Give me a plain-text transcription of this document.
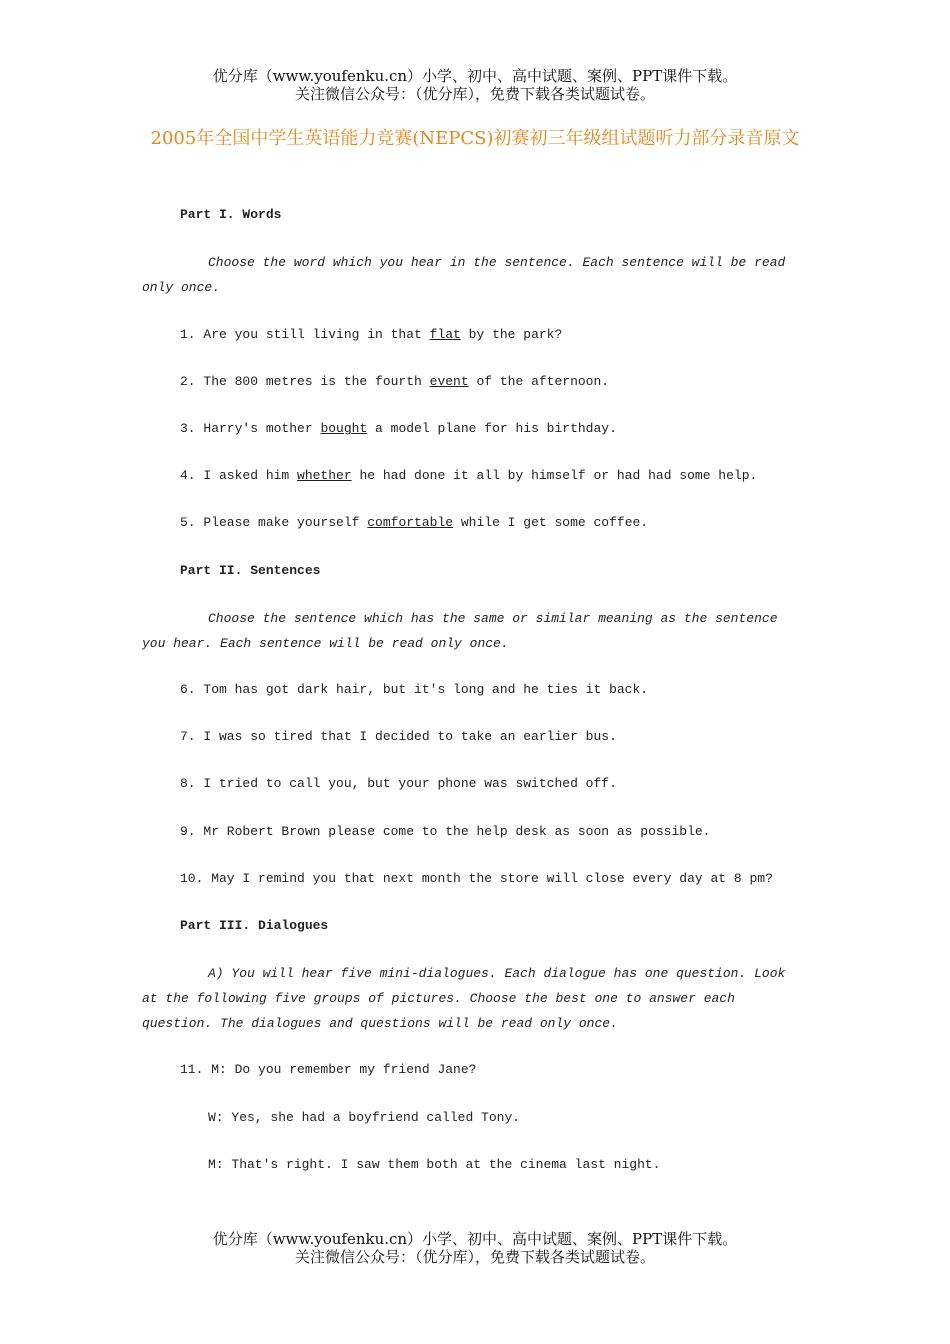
优分库（www.youfenku.cn）小学、初中、高中试题、案例、PPT课件下载。
关注微信公众号：（优分库），免费下载各类试题试卷。
2005年全国中学生英语能力竞赛(NEPCS)初赛初三年级组试题听力部分录音原文
Part I. Words
Choose the word which you hear in the sentence. Each sentence will be read only once.
1. Are you still living in that flat by the park?
2. The 800 metres is the fourth event of the afternoon.
3. Harry's mother bought a model plane for his birthday.
4. I asked him whether he had done it all by himself or had had some help.
5. Please make yourself comfortable while I get some coffee.
Part II. Sentences
Choose the sentence which has the same or similar meaning as the sentence you hear. Each sentence will be read only once.
6. Tom has got dark hair, but it's long and he ties it back.
7. I was so tired that I decided to take an earlier bus.
8. I tried to call you, but your phone was switched off.
9. Mr Robert Brown please come to the help desk as soon as possible.
10. May I remind you that next month the store will close every day at 8 pm?
Part III. Dialogues
A) You will hear five mini-dialogues. Each dialogue has one question. Look at the following five groups of pictures. Choose the best one to answer each question. The dialogues and questions will be read only once.
11. M: Do you remember my friend Jane?
W: Yes, she had a boyfriend called Tony.
M: That's right. I saw them both at the cinema last night.
优分库（www.youfenku.cn）小学、初中、高中试题、案例、PPT课件下载。
关注微信公众号：（优分库），免费下载各类试题试卷。
